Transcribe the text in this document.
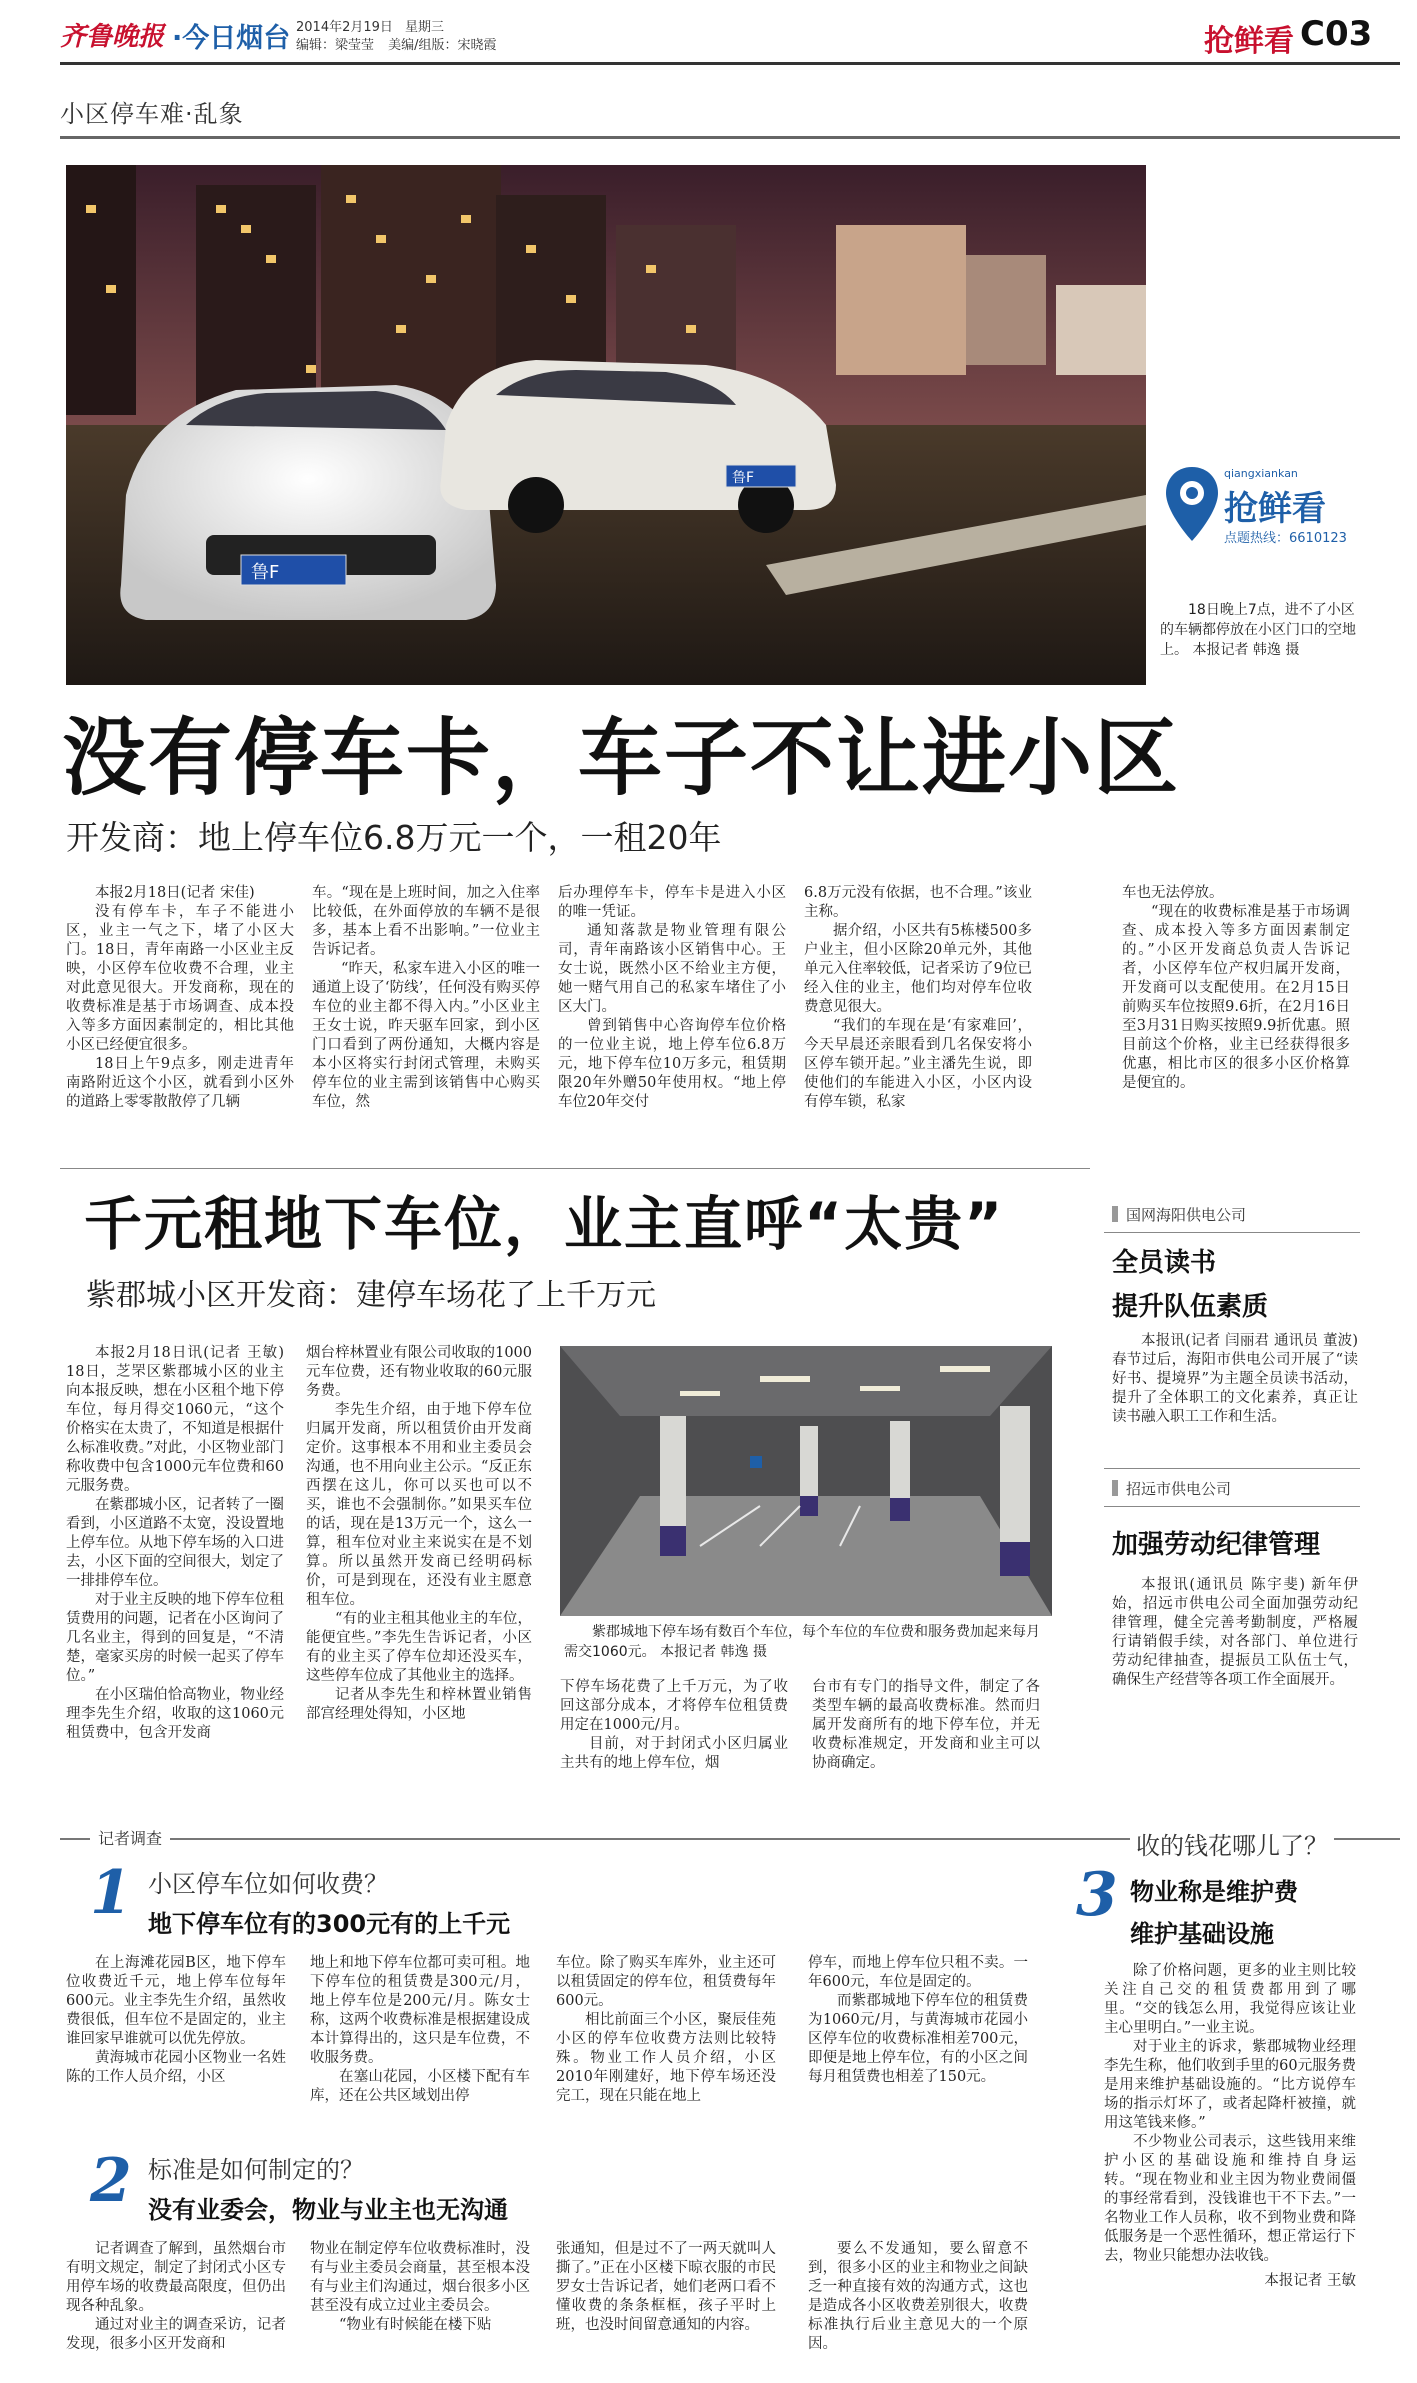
齐鲁晚报 ·今日烟台 2014年2月19日 星期三
编辑：梁莹莹 美编/组版：宋晓霞	抢鲜看 C03
小区停车难·乱象
鲁F
鲁F	qiangxiankan
抢鲜看
点题热线：6610123
18日晚上7点，进不了小区的车辆都停放在小区门口的空地上。 本报记者 韩逸 摄
没有停车卡，车子不让进小区
开发商：地上停车位6.8万元一个，一租20年

本报2月18日(记者 宋佳)

没有停车卡，车子不能进小区，业主一气之下，堵了小区大门。18日，青年南路一小区业主反映，小区停车位收费不合理，业主对此意见很大。开发商称，现在的收费标准是基于市场调查、成本投入等多方面因素制定的，相比其他小区已经便宜很多。

18日上午9点多，刚走进青年南路附近这个小区，就看到小区外的道路上零零散散停了几辆

车。“现在是上班时间，加之入住率比较低，在外面停放的车辆不是很多，基本上看不出影响。”一位业主告诉记者。

“昨天，私家车进入小区的唯一通道上设了‘防线’，任何没有购买停车位的业主都不得入内。”小区业主王女士说，昨天驱车回家，到小区门口看到了两份通知，大概内容是本小区将实行封闭式管理，未购买停车位的业主需到该销售中心购买车位，然

后办理停车卡，停车卡是进入小区的唯一凭证。

通知落款是物业管理有限公司，青年南路该小区销售中心。王女士说，既然小区不给业主方便，她一赌气用自己的私家车堵住了小区大门。

曾到销售中心咨询停车位价格的一位业主说，地上停车位6.8万元，地下停车位10万多元，租赁期限20年外赠50年使用权。“地上停车位20年交付

6.8万元没有依据，也不合理。”该业主称。

据介绍，小区共有5栋楼500多户业主，但小区除20单元外，其他单元入住率较低，记者采访了9位已经入住的业主，他们均对停车位收费意见很大。

“我们的车现在是‘有家难回’，今天早晨还亲眼看到几名保安将小区停车锁开起。”业主潘先生说，即使他们的车能进入小区，小区内设有停车锁，私家

车也无法停放。

“现在的收费标准是基于市场调查、成本投入等多方面因素制定的。”小区开发商总负责人告诉记者，小区停车位产权归属开发商，开发商可以支配使用。在2月15日前购买车位按照9.6折，在2月16日至3月31日购买按照9.9折优惠。照目前这个价格，业主已经获得很多优惠，相比市区的很多小区价格算是便宜的。

千元租地下车位，业主直呼“太贵”
紫郡城小区开发商：建停车场花了上千万元

本报2月18日讯(记者 王敏) 18日，芝罘区紫郡城小区的业主向本报反映，想在小区租个地下停车位，每月得交1060元，“这个价格实在太贵了，不知道是根据什么标准收费。”对此，小区物业部门称收费中包含1000元车位费和60元服务费。

在紫郡城小区，记者转了一圈看到，小区道路不太宽，没设置地上停车位。从地下停车场的入口进去，小区下面的空间很大，划定了一排排停车位。

对于业主反映的地下停车位租赁费用的问题，记者在小区询问了几名业主，得到的回复是，“不清楚，毫家买房的时候一起买了停车位。”

在小区瑞伯恰高物业，物业经理李先生介绍，收取的这1060元租赁费中，包含开发商

烟台梓林置业有限公司收取的1000元车位费，还有物业收取的60元服务费。

李先生介绍，由于地下停车位归属开发商，所以租赁价由开发商定价。这事根本不用和业主委员会沟通，也不用向业主公示。“反正东西摆在这儿，你可以买也可以不买，谁也不会强制你。”如果买车位的话，现在是13万元一个，这么一算，租车位对业主来说实在是不划算。所以虽然开发商已经明码标价，可是到现在，还没有业主愿意租车位。

“有的业主租其他业主的车位，能便宜些。”李先生告诉记者，小区有的业主买了停车位却还没买车，这些停车位成了其他业主的选择。

记者从李先生和梓林置业销售部宫经理处得知，小区地

紫郡城地下停车场有数百个车位，每个车位的车位费和服务费加起来每月需交1060元。 本报记者 韩逸 摄

下停车场花费了上千万元，为了收回这部分成本，才将停车位租赁费用定在1000元/月。

目前，对于封闭式小区归属业主共有的地上停车位，烟

台市有专门的指导文件，制定了各类型车辆的最高收费标准。然而归属开发商所有的地下停车位，并无收费标准规定，开发商和业主可以协商确定。

国网海阳供电公司
全员读书
提升队伍素质
本报讯(记者 闫丽君 通讯员 董波) 春节过后，海阳市供电公司开展了“读好书、提境界”为主题全员读书活动，提升了全体职工的文化素养，真正让读书融入职工工作和生活。
招远市供电公司
加强劳动纪律管理
本报讯(通讯员 陈宇斐) 新年伊始，招远市供电公司全面加强劳动纪律管理，健全完善考勤制度，严格履行请销假手续，对各部门、单位进行劳动纪律抽查，提振员工队伍士气，确保生产经营等各项工作全面展开。
记者调查
1 小区停车位如何收费？
地下停车位有的300元有的上千元

在上海滩花园B区，地下停车位收费近千元，地上停车位每年600元。业主李先生介绍，虽然收费很低，但车位不是固定的，业主谁回家早谁就可以优先停放。

黄海城市花园小区物业一名姓陈的工作人员介绍，小区

地上和地下停车位都可卖可租。地下停车位的租赁费是300元/月，地上停车位是200元/月。陈女士称，这两个收费标准是根据建设成本计算得出的，这只是车位费，不收服务费。

在塞山花园，小区楼下配有车库，还在公共区域划出停

车位。除了购买车库外，业主还可以租赁固定的停车位，租赁费每年600元。

相比前面三个小区，聚辰佳苑小区的停车位收费方法则比较特殊。物业工作人员介绍，小区2010年刚建好，地下停车场还没完工，现在只能在地上

停车，而地上停车位只租不卖。一年600元，车位是固定的。

而紫郡城地下停车位的租赁费为1060元/月，与黄海城市花园小区停车位的收费标准相差700元，即便是地上停车位，有的小区之间每月租赁费也相差了150元。

2 标准是如何制定的？
没有业委会，物业与业主也无沟通

记者调查了解到，虽然烟台市有明文规定，制定了封闭式小区专用停车场的收费最高限度，但仍出现各种乱象。

通过对业主的调查采访，记者发现，很多小区开发商和

物业在制定停车位收费标准时，没有与业主委员会商量，甚至根本没有与业主们沟通过，烟台很多小区甚至没有成立过业主委员会。

“物业有时候能在楼下贴

张通知，但是过不了一两天就叫人撕了。”正在小区楼下晾衣服的市民罗女士告诉记者，她们老两口看不懂收费的条条框框，孩子平时上班，也没时间留意通知的内容。

要么不发通知，要么留意不到，很多小区的业主和物业之间缺乏一种直接有效的沟通方式，这也是造成各小区收费差别很大，收费标准执行后业主意见大的一个原因。

3
收的钱花哪儿了？
物业称是维护费
维护基础设施

除了价格问题，更多的业主则比较关注自己交的租赁费都用到了哪里。“交的钱怎么用，我觉得应该让业主心里明白。”一业主说。

对于业主的诉求，紫郡城物业经理李先生称，他们收到手里的60元服务费是用来维护基础设施的。“比方说停车场的指示灯坏了，或者起降杆被撞，就用这笔钱来修。”

不少物业公司表示，这些钱用来维护小区的基础设施和维持自身运转。“现在物业和业主因为物业费闹僵的事经常看到，没钱谁也干不下去。”一名物业工作人员称，收不到物业费和降低服务是一个恶性循环，想正常运行下去，物业只能想办法收钱。

本报记者 王敏
